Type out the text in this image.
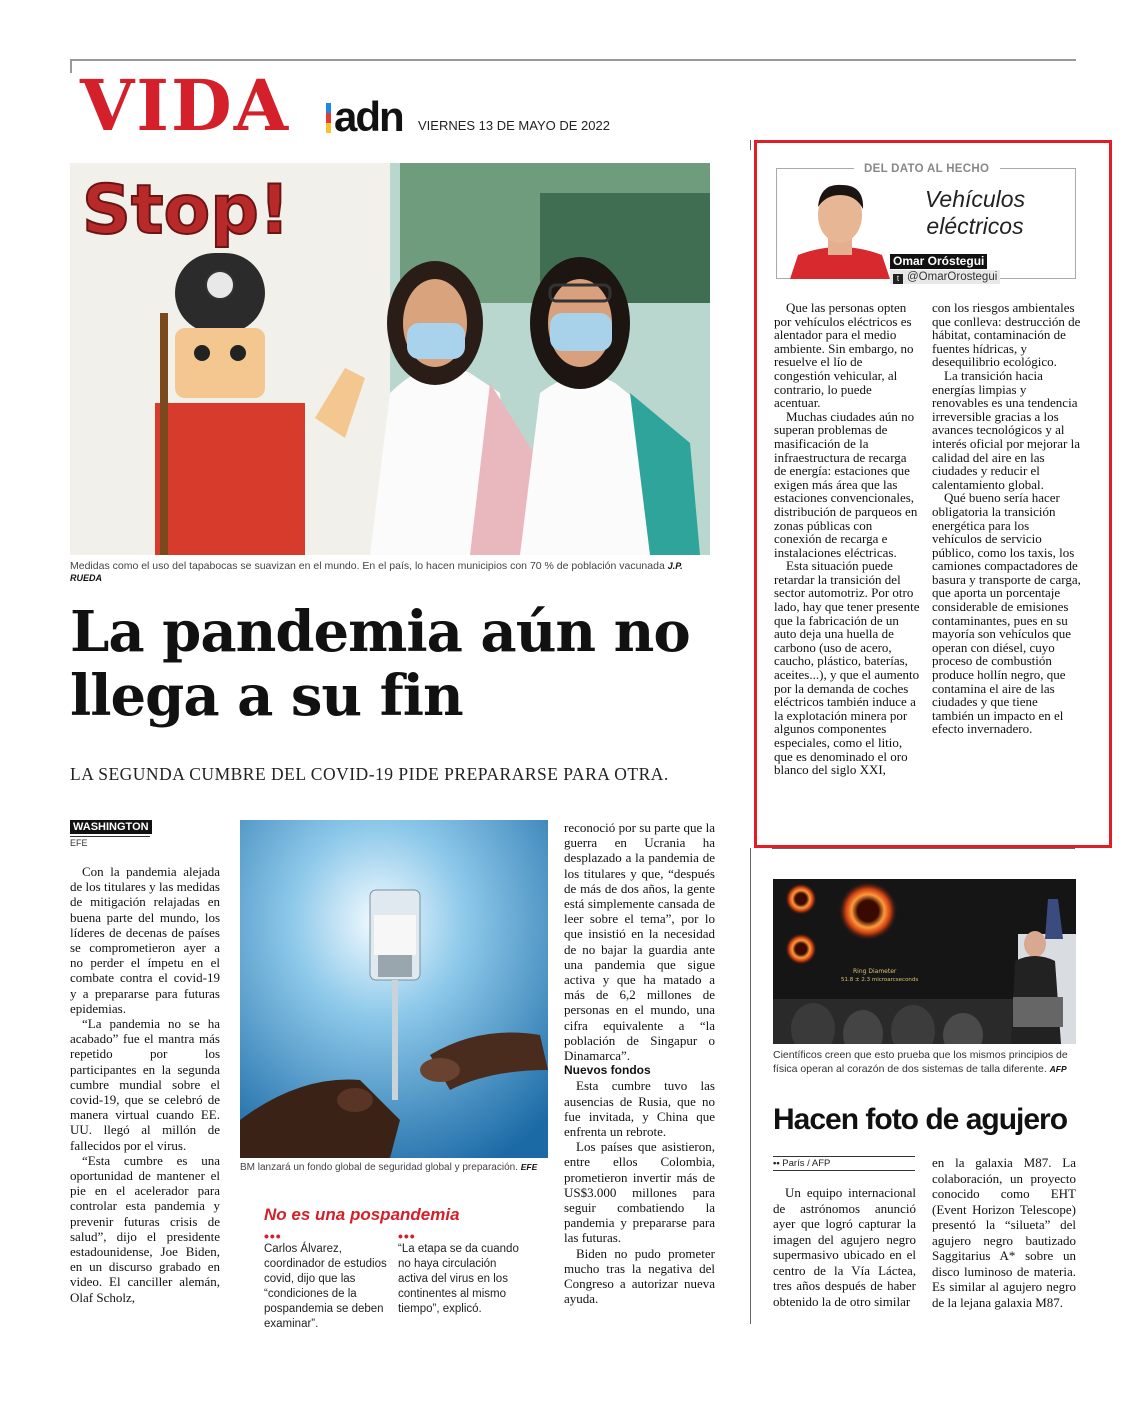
VIDA adn VIERNES 13 DE MAYO DE 2022
Stop!
Medidas como el uso del tapabocas se suavizan en el mundo. En el país, lo hacen municipios con 70 % de población vacunada J.P. RUEDA
La pandemia aún no llega a su fin
LA SEGUNDA CUMBRE DEL COVID-19 PIDE PREPARARSE PARA OTRA.
WASHINGTON
EFE

Con la pandemia alejada de los titulares y las medidas de mitigación relajadas en buena parte del mundo, los líderes de decenas de países se comprometieron ayer a no perder el ímpetu en el combate contra el covid-19 y a prepararse para futuras epidemias.

“La pandemia no se ha acabado” fue el mantra más repetido por los participantes en la segunda cumbre mundial sobre el covid-19, que se celebró de manera virtual cuando EE. UU. llegó al millón de fallecidos por el virus.

“Esta cumbre es una oportunidad de mantener el pie en el acelerador para controlar esta pandemia y prevenir futuras crisis de salud”, dijo el presidente estadounidense, Joe Biden, en un discurso grabado en video. El canciller alemán, Olaf Scholz,

BM lanzará un fondo global de seguridad global y preparación. EFE
No es una pospandemia
•••
Carlos Álvarez, coordinador de estudios covid, dijo que las “condiciones de la pospandemia se deben examinar”.
•••
“La etapa se da cuando no haya circulación activa del virus en los continentes al mismo tiempo”, explicó.

reconoció por su parte que la guerra en Ucrania ha desplazado a la pandemia de los titulares y que, “después de más de dos años, la gente está simplemente cansada de leer sobre el tema”, por lo que insistió en la necesidad de no bajar la guardia ante una pandemia que sigue activa y que ha matado a más de 6,2 millones de personas en el mundo, una cifra equivalente a “la población de Singapur o Dinamarca”.

Nuevos fondos

Esta cumbre tuvo las ausencias de Rusia, que no fue invitada, y China que enfrenta un rebrote.

Los países que asistieron, entre ellos Colombia, prometieron invertir más de US$3.000 millones para seguir combatiendo la pandemia y prepararse para las futuras.

Biden no pudo prometer mucho tras la negativa del Congreso a autorizar nueva ayuda.

DEL DATO AL HECHO
Vehículos eléctricos
Omar Oróstegui
t @OmarOrostegui

Que las personas opten por vehículos eléctricos es alentador para el medio ambiente. Sin embargo, no resuelve el lío de congestión vehicular, al contrario, lo puede acentuar.

Muchas ciudades aún no superan problemas de masificación de la infraestructura de recarga de energía: estaciones que exigen más área que las estaciones convencionales, distribución de parqueos en zonas públicas con conexión de recarga e instalaciones eléctricas.

Esta situación puede retardar la transición del sector automotriz. Por otro lado, hay que tener presente que la fabricación de un auto deja una huella de carbono (uso de acero, caucho, plástico, baterías, aceites...), y que el aumento por la demanda de coches eléctricos también induce a la explotación minera por algunos componentes especiales, como el litio, que es denominado el oro blanco del siglo XXI,

con los riesgos ambientales que conlleva: destrucción de hábitat, contaminación de fuentes hídricas, y desequilibrio ecológico.

La transición hacia energías limpias y renovables es una tendencia irreversible gracias a los avances tecnológicos y al interés oficial por mejorar la calidad del aire en las ciudades y reducir el calentamiento global.

Qué bueno sería hacer obligatoria la transición energética para los vehículos de servicio público, como los taxis, los camiones compactadores de basura y transporte de carga, que aporta un porcentaje considerable de emisiones contaminantes, pues en su mayoría son vehículos que operan con diésel, cuyo proceso de combustión produce hollín negro, que contamina el aire de las ciudades y que tiene también un impacto en el efecto invernadero.

Ring Diameter
51.8 ± 2.3 microarcseconds
Científicos creen que esto prueba que los mismos principios de física operan al corazón de dos sistemas de talla diferente. AFP
Hacen foto de agujero
•• París / AFP

Un equipo internacional de astrónomos anunció ayer que logró capturar la imagen del agujero negro supermasivo ubicado en el centro de la Vía Láctea, tres años después de haber obtenido la de otro similar

en la galaxia M87. La colaboración, un proyecto conocido como EHT (Event Horizon Telescope) presentó la “silueta” del agujero negro bautizado Saggitarius A* sobre un disco luminoso de materia. Es similar al agujero negro de la lejana galaxia M87.
